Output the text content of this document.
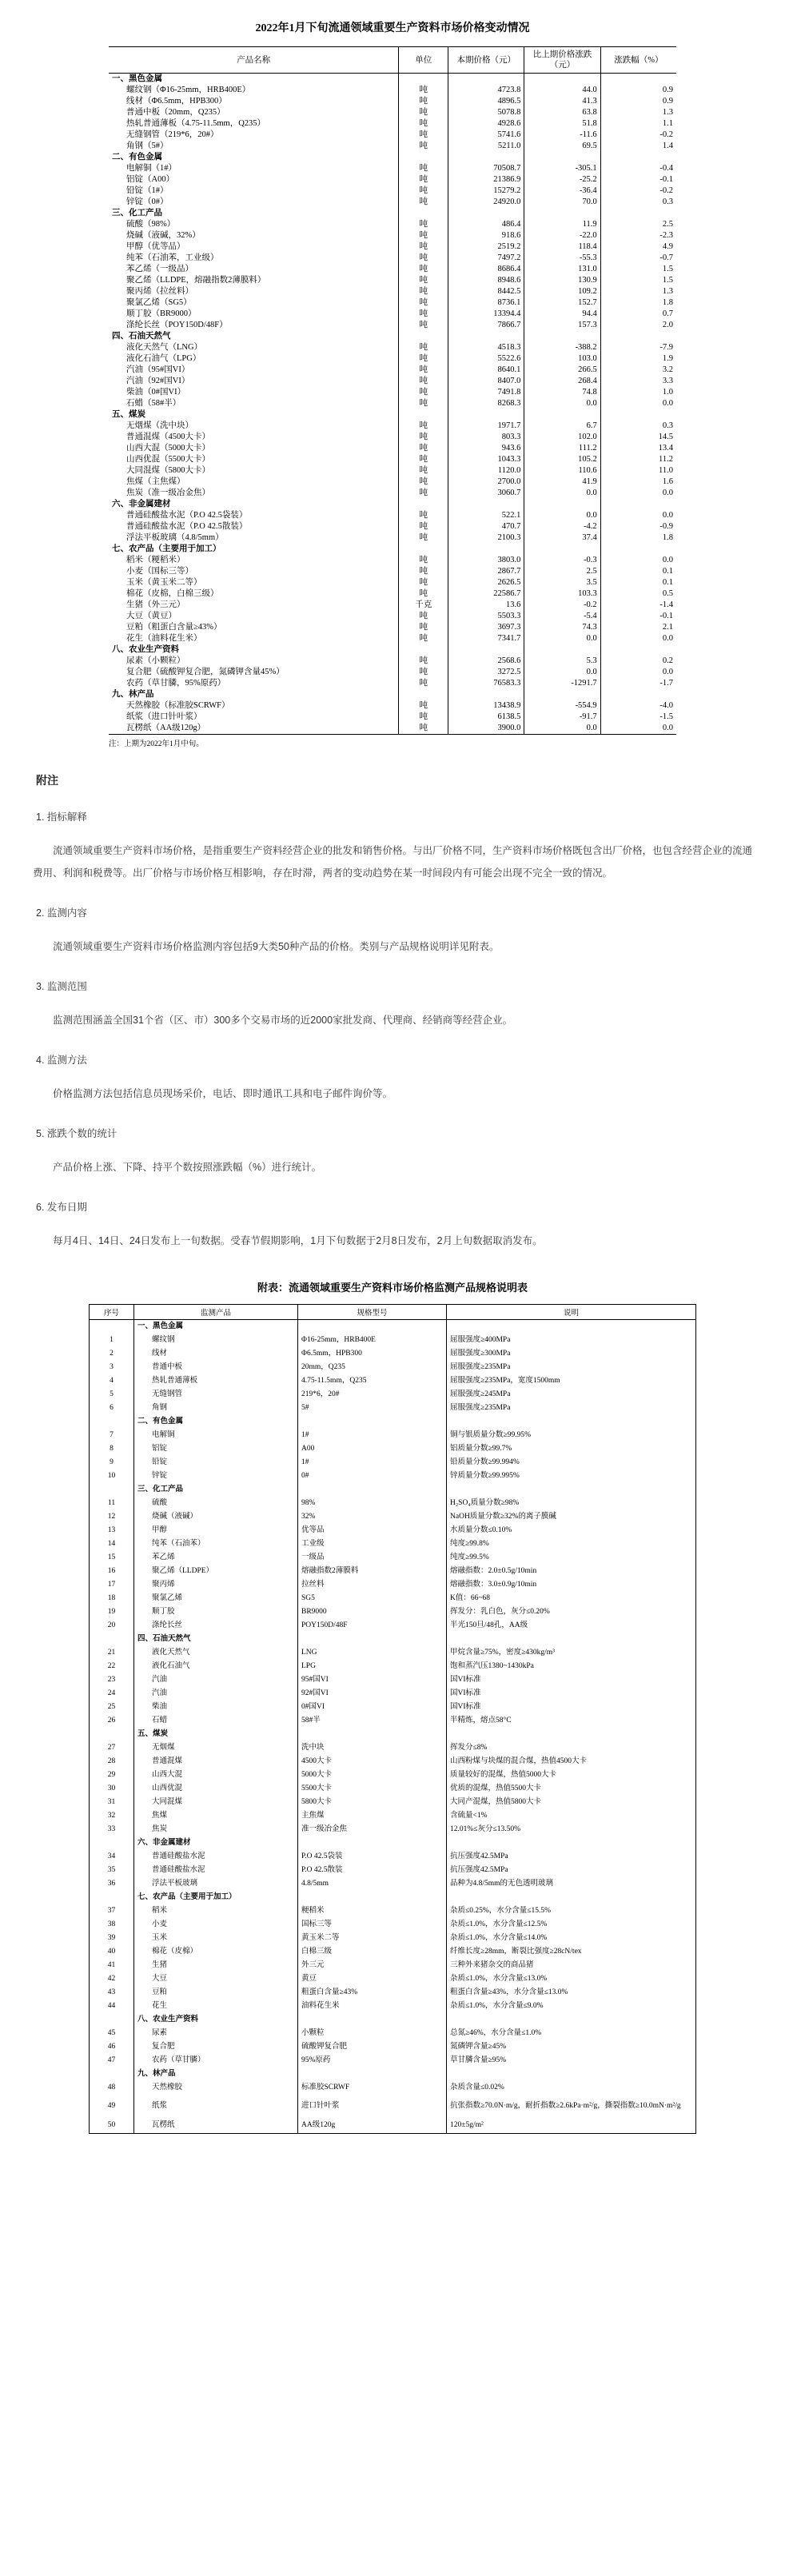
2022年1月下旬流通领域重要生产资料市场价格变动情况
产品名称	单位	本期价格（元）	比上期价格涨跌（元）	涨跌幅（%）
一、黑色金属				
螺纹钢（Φ16-25mm，HRB400E）	吨	4723.8	44.0	0.9
线材（Φ6.5mm，HPB300）	吨	4896.5	41.3	0.9
普通中板（20mm，Q235）	吨	5078.8	63.8	1.3
热轧普通薄板（4.75-11.5mm，Q235）	吨	4928.6	51.8	1.1
无缝钢管（219*6，20#）	吨	5741.6	-11.6	-0.2
角钢（5#）	吨	5211.0	69.5	1.4
二、有色金属				
电解铜（1#）	吨	70508.7	-305.1	-0.4
铝锭（A00）	吨	21386.9	-25.2	-0.1
铅锭（1#）	吨	15279.2	-36.4	-0.2
锌锭（0#）	吨	24920.0	70.0	0.3
三、化工产品				
硫酸（98%）	吨	486.4	11.9	2.5
烧碱（液碱，32%）	吨	918.6	-22.0	-2.3
甲醇（优等品）	吨	2519.2	118.4	4.9
纯苯（石油苯，工业级）	吨	7497.2	-55.3	-0.7
苯乙烯（一级品）	吨	8686.4	131.0	1.5
聚乙烯（LLDPE，熔融指数2薄膜料）	吨	8948.6	130.9	1.5
聚丙烯（拉丝料）	吨	8442.5	109.2	1.3
聚氯乙烯（SG5）	吨	8736.1	152.7	1.8
顺丁胶（BR9000）	吨	13394.4	94.4	0.7
涤纶长丝（POY150D/48F）	吨	7866.7	157.3	2.0
四、石油天然气				
液化天然气（LNG）	吨	4518.3	-388.2	-7.9
液化石油气（LPG）	吨	5522.6	103.0	1.9
汽油（95#国VI）	吨	8640.1	266.5	3.2
汽油（92#国VI）	吨	8407.0	268.4	3.3
柴油（0#国VI）	吨	7491.8	74.8	1.0
石蜡（58#半）	吨	8268.3	0.0	0.0
五、煤炭				
无烟煤（洗中块）	吨	1971.7	6.7	0.3
普通混煤（4500大卡）	吨	803.3	102.0	14.5
山西大混（5000大卡）	吨	943.6	111.2	13.4
山西优混（5500大卡）	吨	1043.3	105.2	11.2
大同混煤（5800大卡）	吨	1120.0	110.6	11.0
焦煤（主焦煤）	吨	2700.0	41.9	1.6
焦炭（准一级冶金焦）	吨	3060.7	0.0	0.0
六、非金属建材				
普通硅酸盐水泥（P.O 42.5袋装）	吨	522.1	0.0	0.0
普通硅酸盐水泥（P.O 42.5散装）	吨	470.7	-4.2	-0.9
浮法平板玻璃（4.8/5mm）	吨	2100.3	37.4	1.8
七、农产品（主要用于加工）				
稻米（粳稻米）	吨	3803.0	-0.3	0.0
小麦（国标三等）	吨	2867.7	2.5	0.1
玉米（黄玉米二等）	吨	2626.5	3.5	0.1
棉花（皮棉，白棉三级）	吨	22586.7	103.3	0.5
生猪（外三元）	千克	13.6	-0.2	-1.4
大豆（黄豆）	吨	5503.3	-5.4	-0.1
豆粕（粗蛋白含量≥43%）	吨	3697.3	74.3	2.1
花生（油料花生米）	吨	7341.7	0.0	0.0
八、农业生产资料				
尿素（小颗粒）	吨	2568.6	5.3	0.2
复合肥（硫酸钾复合肥，氮磷钾含量45%）	吨	3272.5	0.0	0.0
农药（草甘膦，95%原药）	吨	76583.3	-1291.7	-1.7
九、林产品				
天然橡胶（标准胶SCRWF）	吨	13438.9	-554.9	-4.0
纸浆（进口针叶浆）	吨	6138.5	-91.7	-1.5
瓦楞纸（AA级120g）	吨	3900.0	0.0	0.0
注：上期为2022年1月中旬。
附注
1. 指标解释

流通领域重要生产资料市场价格，是指重要生产资料经营企业的批发和销售价格。与出厂价格不同，生产资料市场价格既包含出厂价格，也包含经营企业的流通费用、利润和税费等。出厂价格与市场价格互相影响，存在时滞，两者的变动趋势在某一时间段内有可能会出现不完全一致的情况。

2. 监测内容

流通领域重要生产资料市场价格监测内容包括9大类50种产品的价格。类别与产品规格说明详见附表。

3. 监测范围

监测范围涵盖全国31个省（区、市）300多个交易市场的近2000家批发商、代理商、经销商等经营企业。

4. 监测方法

价格监测方法包括信息员现场采价，电话、即时通讯工具和电子邮件询价等。

5. 涨跌个数的统计

产品价格上涨、下降、持平个数按照涨跌幅（%）进行统计。

6. 发布日期

每月4日、14日、24日发布上一旬数据。受春节假期影响，1月下旬数据于2月8日发布，2月上旬数据取消发布。

附表：流通领域重要生产资料市场价格监测产品规格说明表
序号	监测产品	规格型号	说明
	一、黑色金属		
1	螺纹钢	Φ16-25mm，HRB400E	屈服强度≥400MPa
2	线材	Φ6.5mm，HPB300	屈服强度≥300MPa
3	普通中板	20mm，Q235	屈服强度≥235MPa
4	热轧普通薄板	4.75-11.5mm，Q235	屈服强度≥235MPa，宽度1500mm
5	无缝钢管	219*6，20#	屈服强度≥245MPa
6	角钢	5#	屈服强度≥235MPa
	二、有色金属		
7	电解铜	1#	铜与银质量分数≥99.95%
8	铝锭	A00	铝质量分数≥99.7%
9	铅锭	1#	铅质量分数≥99.994%
10	锌锭	0#	锌质量分数≥99.995%
	三、化工产品		
11	硫酸	98%	H₂SO₄质量分数≥98%
12	烧碱（液碱）	32%	NaOH质量分数≥32%的离子膜碱
13	甲醇	优等品	水质量分数≤0.10%
14	纯苯（石油苯）	工业级	纯度≥99.8%
15	苯乙烯	一级品	纯度≥99.5%
16	聚乙烯（LLDPE）	熔融指数2薄膜料	熔融指数：2.0±0.5g/10min
17	聚丙烯	拉丝料	熔融指数：3.0±0.9g/10min
18	聚氯乙烯	SG5	K值：66~68
19	顺丁胶	BR9000	挥发分：乳白色，灰分≤0.20%
20	涤纶长丝	POY150D/48F	半光150旦/48孔，AA级
	四、石油天然气		
21	液化天然气	LNG	甲烷含量≥75%，密度≥430kg/m³
22	液化石油气	LPG	饱和蒸汽压1380~1430kPa
23	汽油	95#国VI	国VI标准
24	汽油	92#国VI	国VI标准
25	柴油	0#国VI	国VI标准
26	石蜡	58#半	半精炼，熔点58°C
	五、煤炭		
27	无烟煤	洗中块	挥发分≤8%
28	普通混煤	4500大卡	山西粉煤与块煤的混合煤，热值4500大卡
29	山西大混	5000大卡	质量较好的混煤，热值5000大卡
30	山西优混	5500大卡	优质的混煤，热值5500大卡
31	大同混煤	5800大卡	大同产混煤，热值5800大卡
32	焦煤	主焦煤	含硫量<1%
33	焦炭	准一级冶金焦	12.01%≤灰分≤13.50%
	六、非金属建材		
34	普通硅酸盐水泥	P.O 42.5袋装	抗压强度42.5MPa
35	普通硅酸盐水泥	P.O 42.5散装	抗压强度42.5MPa
36	浮法平板玻璃	4.8/5mm	品种为4.8/5mm的无色透明玻璃
	七、农产品（主要用于加工）		
37	稻米	粳稻米	杂质≤0.25%，水分含量≤15.5%
38	小麦	国标三等	杂质≤1.0%，水分含量≤12.5%
39	玉米	黄玉米二等	杂质≤1.0%，水分含量≤14.0%
40	棉花（皮棉）	白棉三级	纤维长度≥28mm，断裂比强度≥28cN/tex
41	生猪	外三元	三种外来猪杂交的商品猪
42	大豆	黄豆	杂质≤1.0%，水分含量≤13.0%
43	豆粕	粗蛋白含量≥43%	粗蛋白含量≥43%，水分含量≤13.0%
44	花生	油料花生米	杂质≤1.0%，水分含量≤9.0%
	八、农业生产资料		
45	尿素	小颗粒	总氮≥46%，水分含量≤1.0%
46	复合肥	硫酸钾复合肥	氮磷钾含量≥45%
47	农药（草甘膦）	95%原药	草甘膦含量≥95%
	九、林产品		
48	天然橡胶	标准胶SCRWF	杂质含量≤0.02%
49	纸浆	进口针叶浆	抗张指数≥70.0N·m/g，耐折指数≥2.6kPa·m²/g，撕裂指数≥10.0mN·m²/g
50	瓦楞纸	AA级120g	120±5g/m²
